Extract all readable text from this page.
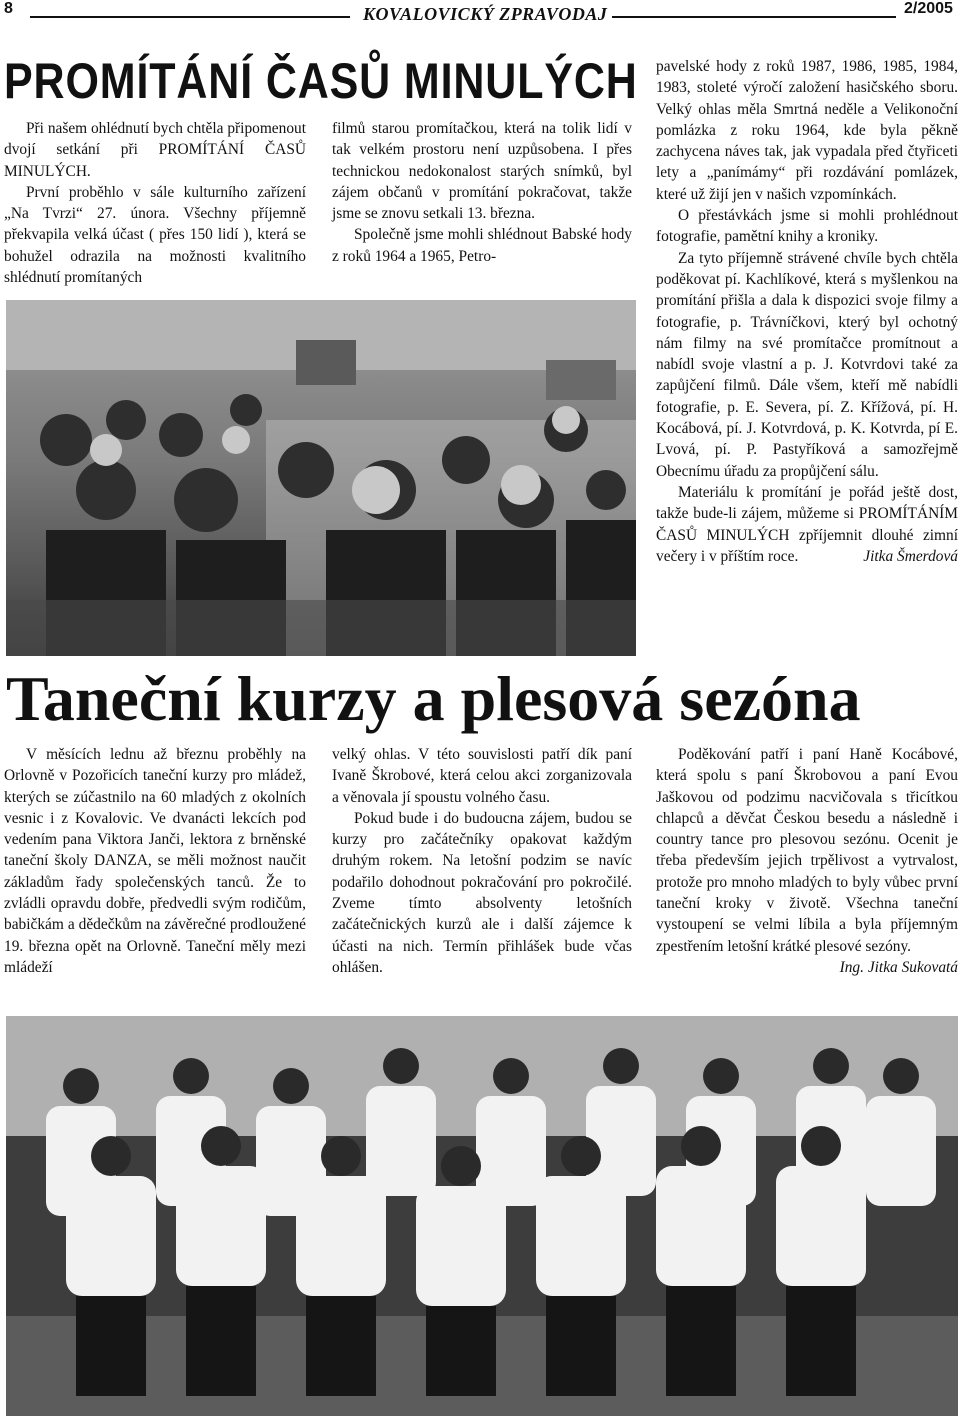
8	KOVALOVICKÝ ZPRAVODAJ	2/2005
PROMÍTÁNÍ ČASŮ MINULÝCH

Při našem ohlédnutí bych chtěla připomenout dvojí setkání při PROMÍTÁNÍ ČASŮ MINULÝCH.

První proběhlo v sále kulturního zařízení „Na Tvrzi“ 27. února. Všechny příjemně překvapila velká účast ( přes 150 lidí ), která se bohužel odrazila na možnosti kvalitního shlédnutí promítaných

filmů starou promítačkou, která na tolik lidí v tak velkém prostoru není uzpůsobena. I přes technickou nedokonalost starých snímků, byl zájem občanů v promítání pokračovat, takže jsme se znovu setkali 13. března.

Společně jsme mohli shlédnout Babské hody z roků 1964 a 1965, Petro-

pavelské hody z roků 1987, 1986, 1985, 1984, 1983, stoleté výročí založení hasičského sboru. Velký ohlas měla Smrtná neděle a Velikonoční pomlázka z roku 1964, kde byla pěkně zachycena náves tak, jak vypadala před čtyřiceti lety a „panímámy“ při rozdávání pomlázek, které už žijí jen v našich vzpomínkách.

O přestávkách jsme si mohli prohlédnout fotografie, pamětní knihy a kroniky.

Za tyto příjemně strávené chvíle bych chtěla poděkovat pí. Kachlíkové, která s myšlenkou na promítání přišla a dala k dispozici svoje filmy a fotografie, p. Trávníčkovi, který byl ochotný nám filmy na své promítačce promítnout a nabídl svoje vlastní a p. J. Kotvrdovi také za zapůjčení filmů. Dále všem, kteří mě nabídli fotografie, p. E. Severa, pí. Z. Křížová, pí. H. Kocábová, pí. J. Kotvrdová, p. K. Kotvrda, pí E. Lvová, pí. P. Pastyříková a samozřejmě Obecnímu úřadu za propůjčení sálu.

Materiálu k promítání je pořád ještě dost, takže bude-li zájem, můžeme si PROMÍTÁNÍM ČASŮ MINULÝCH zpříjemnit dlouhé zimní večery i v příštím roce.	Jitka Šmerdová

Taneční kurzy a plesová sezóna

V měsících lednu až březnu proběhly na Orlovně v Pozořicích taneční kurzy pro mládež, kterých se zúčastnilo na 60 mladých z okolních vesnic i z Kovalovic. Ve dvanácti lekcích pod vedením pana Viktora Janči, lektora z brněnské taneční školy DANZA, se měli možnost naučit základům řady společenských tanců. Že to zvládli opravdu dobře, předvedli svým rodičům, babičkám a dědečkům na závěrečné prodloužené 19. března opět na Orlovně. Taneční měly mezi mládeží

velký ohlas. V této souvislosti patří dík paní Ivaně Škrobové, která celou akci zorganizovala a věnovala jí spoustu volného času.

Pokud bude i do budoucna zájem, budou se kurzy pro začátečníky opakovat každým druhým rokem. Na letošní podzim se navíc podařilo dohodnout pokračování pro pokročilé. Zveme tímto absolventy letošních začátečnických kurzů ale i další zájemce k účasti na nich. Termín přihlášek bude včas ohlášen.

Poděkování patří i paní Haně Kocábové, která spolu s paní Škrobovou a paní Evou Jaškovou od podzimu nacvičovala s třicítkou chlapců a děvčat Českou besedu a následně i country tance pro plesovou sezónu. Ocenit je třeba především jejich trpělivost a vytrvalost, protože pro mnoho mladých to byly vůbec první taneční kroky v životě. Všechna taneční vystoupení se velmi líbila a byla příjemným zpestřením letošní krátké plesové sezóny.
Ing. Jitka Sukovatá
